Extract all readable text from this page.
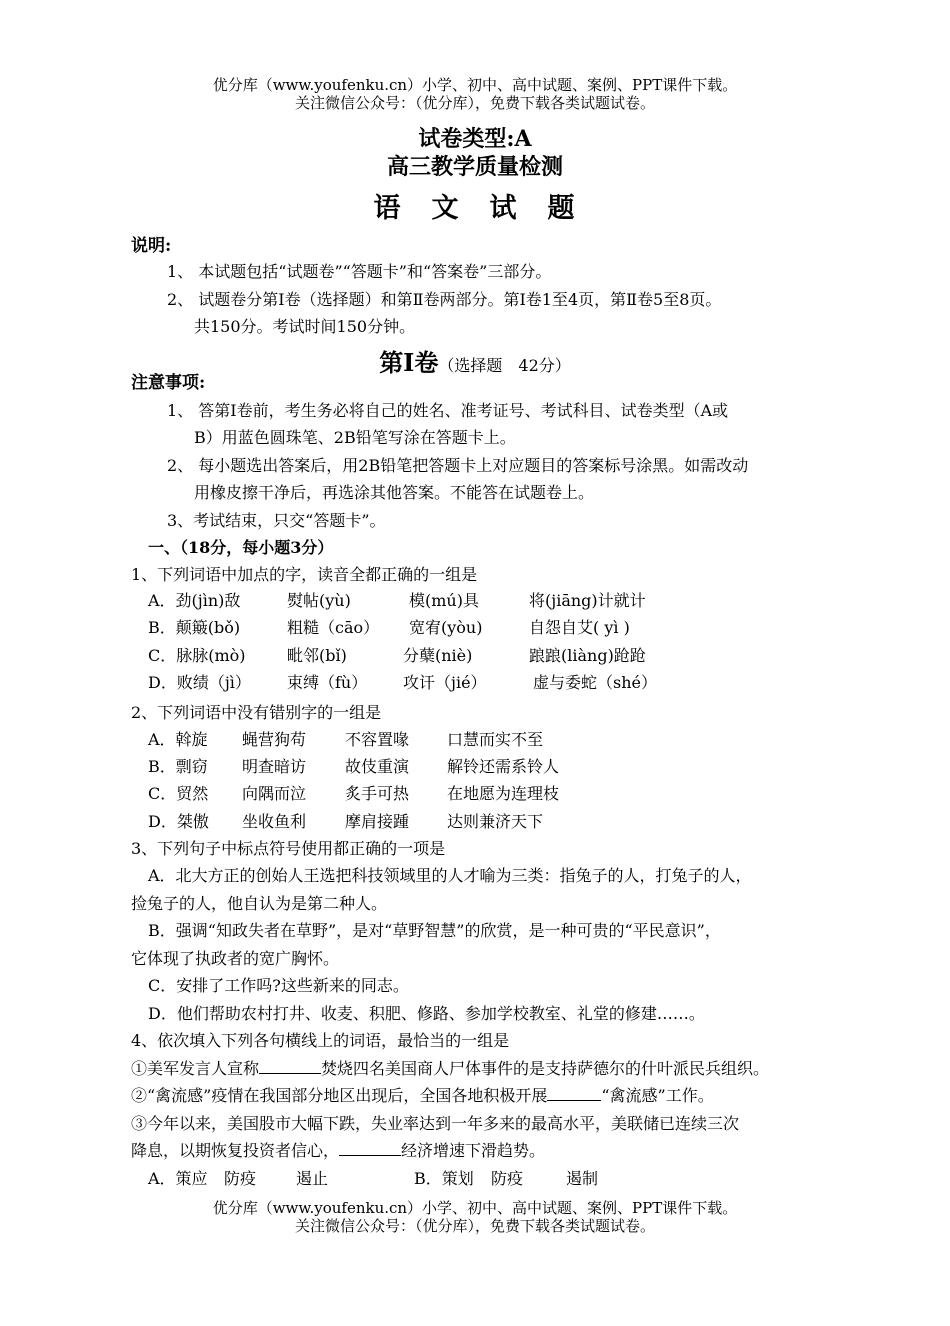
优分库（www.youfenku.cn）小学、初中、高中试题、案例、PPT课件下载。
关注微信公众号：（优分库），免费下载各类试题试卷。
试卷类型:A
高三教学质量检测
语　文　试　题
说明:
1、 本试题包括“试题卷”“答题卡”和“答案卷”三部分。
2、 试题卷分第Ⅰ卷（选择题）和第Ⅱ卷两部分。第Ⅰ卷1至4页，第Ⅱ卷5至8页。
共150分。考试时间150分钟。
第Ⅰ卷（选择题　42分）
注意事项:
1、 答第Ⅰ卷前，考生务必将自己的姓名、准考证号、考试科目、试卷类型（A或
B）用蓝色圆珠笔、2B铅笔写涂在答题卡上。
2、 每小题选出答案后，用2B铅笔把答题卡上对应题目的答案标号涂黑。如需改动
用橡皮擦干净后，再选涂其他答案。不能答在试题卷上。
3、考试结束，只交“答题卡”。
一、（18分，每小题3分）
1、下列词语中加点的字，读音全都正确的一组是
A．劲(jìn)敌	熨帖(yù)	模(mú)具	将(jiāng)计就计
B．颠簸(bǒ)	粗糙（cāo） 宽宥(yòu)	自怨自艾( yì )
C．脉脉(mò)	毗邻(bǐ)	分蘖(niè)	踉踉(liàng)跄跄
D．败绩（jì） 束缚（fù） 攻讦（jié）	虚与委蛇（shé）
2、下列词语中没有错别字的一组是
A．斡旋 蝇营狗苟 不容置喙 口慧而实不至
B．剽窃 明查暗访 故伎重演 解铃还需系铃人
C．贸然 向隅而泣 炙手可热 在地愿为连理枝
D．桀傲 坐收鱼利 摩肩接踵 达则兼济天下
3、下列句子中标点符号使用都正确的一项是
A．北大方正的创始人王选把科技领域里的人才喻为三类：指兔子的人，打兔子的人，
捡兔子的人，他自认为是第二种人。
B．强调“知政失者在草野”，是对“草野智慧”的欣赏，是一种可贵的“平民意识”，
它体现了执政者的宽广胸怀。
C．安排了工作吗?这些新来的同志。
D．他们帮助农村打井、收麦、积肥、修路、参加学校教室、礼堂的修建……。
4、依次填入下列各句横线上的词语，最恰当的一组是
①美军发言人宣称	焚烧四名美国商人尸体事件的是支持萨德尔的什叶派民兵组织。
②“禽流感”疫情在我国部分地区出现后，全国各地积极开展	“禽流感”工作。
③今年以来，美国股市大幅下跌，失业率达到一年多来的最高水平，美联储已连续三次
降息，以期恢复投资者信心，	经济增速下滑趋势。
A．策应 防疫 遏止	B．策划 防疫	遏制
优分库（www.youfenku.cn）小学、初中、高中试题、案例、PPT课件下载。
关注微信公众号：（优分库），免费下载各类试题试卷。
